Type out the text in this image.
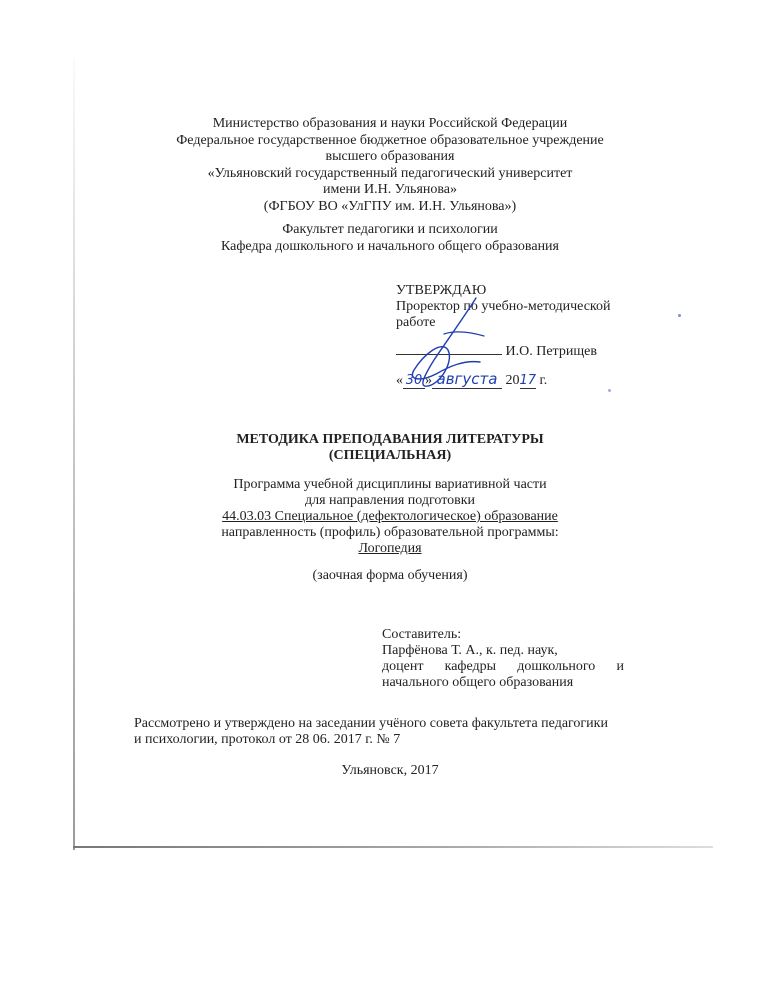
Министерство образования и науки Российской Федерации
Федеральное государственное бюджетное образовательное учреждение
высшего образования
«Ульяновский государственный педагогический университет
имени И.Н. Ульянова»
(ФГБОУ ВО «УлГПУ им. И.Н. Ульянова»)
Факультет педагогики и психологии
Кафедра дошкольного и начального общего образования
УТВЕРЖДАЮ
Проректор по учебно-методической
работе
И.О. Петрищев
« 30 » августа 2017 г.
МЕТОДИКА ПРЕПОДАВАНИЯ ЛИТЕРАТУРЫ
(СПЕЦИАЛЬНАЯ)
Программа учебной дисциплины вариативной части
для направления подготовки
44.03.03 Специальное (дефектологическое) образование
направленность (профиль) образовательной программы:
Логопедия
(заочная форма обучения)
Составитель:
Парфёнова Т. А., к. пед. наук,
доцент кафедры дошкольного и
начального общего образования
Рассмотрено и утверждено на заседании учёного совета факультета педагогики
и психологии, протокол от 28 06. 2017 г. № 7
Ульяновск, 2017
